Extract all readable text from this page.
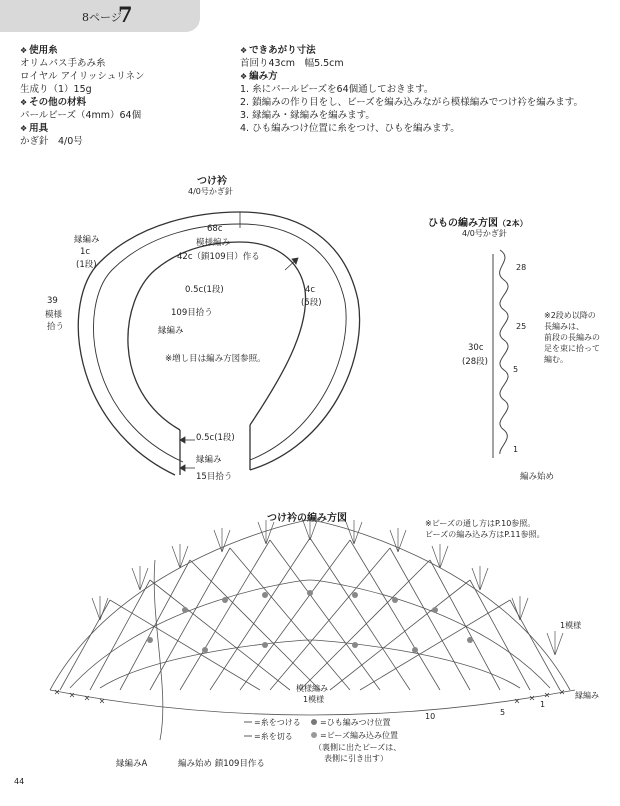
8ページ
7
❖ 使用糸
オリムパス手あみ糸
ロイヤル アイリッシュリネン
生成り（1）15g
❖ その他の材料
パールビーズ（4mm）64個
❖ 用具
かぎ針　4/0号
❖ できあがり寸法
首回り43cm　幅5.5cm
❖ 編み方
1. 糸にパールビーズを64個通しておきます。
2. 鎖編みの作り目をし、ビーズを編み込みながら模様編みでつけ衿を編みます。
3. 縁編み・縁編みを編みます。
4. ひも編みつけ位置に糸をつけ、ひもを編みます。
つけ衿
4/0号かぎ針
縁編み
1c
(1段)
68c
模様編み
42c（鎖109目）作る
0.5c(1段)
109目拾う
縁編み
39
模様
拾う
4c
(5段)
※増し目は編み方図参照。
0.5c(1段)
縁編み
15目拾う
ひもの編み方図（2本）
4/0号かぎ針
28
25
5
1
30c
(28段)
編み始め
※2段め以降の
長編みは、
前段の長編みの
足を束に拾って
編む。
つけ衿の編み方図	※ビーズの通し方はP.10参照。
ビーズの編み込み方はP.11参照。
1模様
縁編み
模様編み
1模様
1
5
10
縁編みA	編み始め 鎖109目作る
=糸をつける
=糸を切る
=ひも編みつけ位置
=ビーズ編み込み位置
（裏側に出たビーズは、
表側に引き出す）
44
